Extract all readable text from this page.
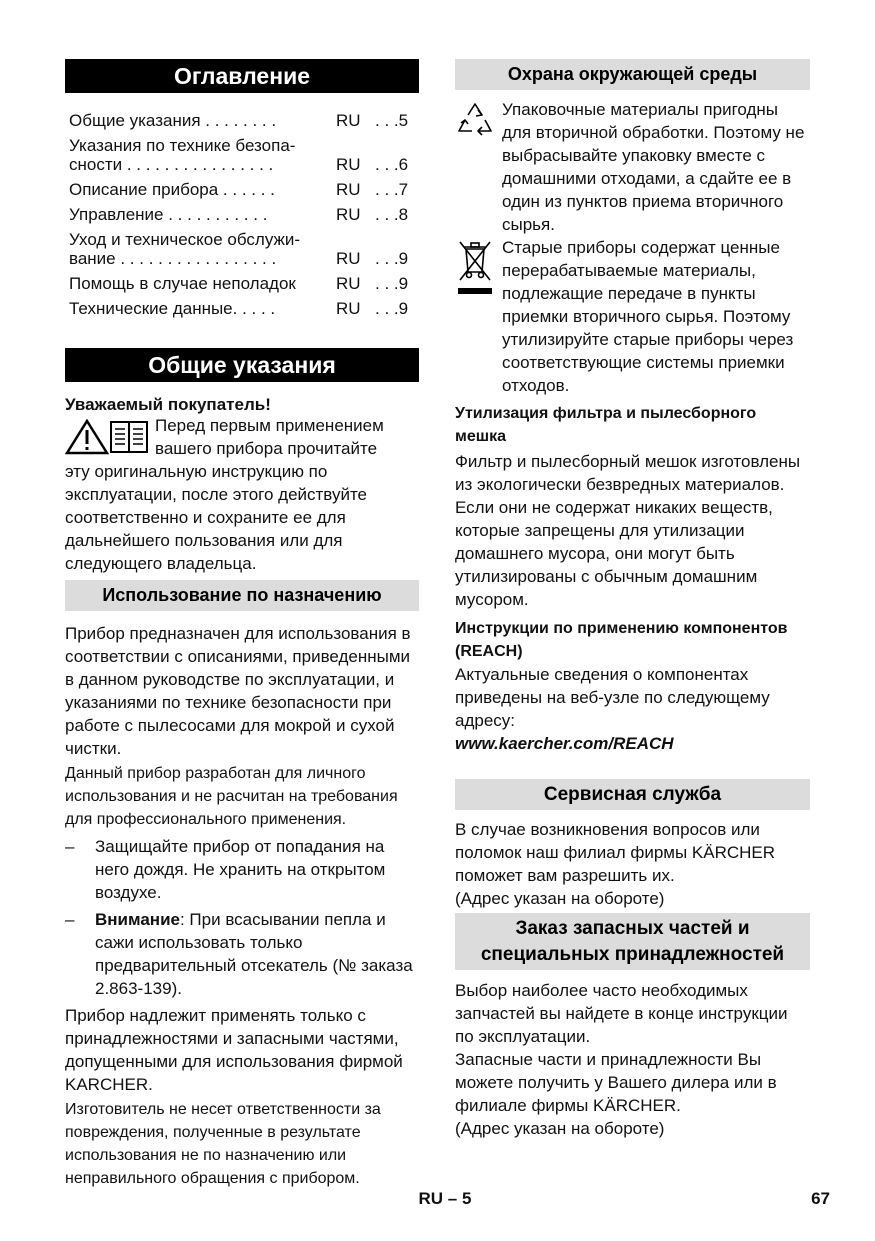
Оглавление
Общие указания . . . . . . . .	RU . . .5
Указания по технике безопа-
сности . . . . . . . . . . . . . . . .	RU . . .6
Описание прибора . . . . . .	RU . . .7
Управление . . . . . . . . . . .	RU . . .8
Уход и техническое обслужи-
вание . . . . . . . . . . . . . . . . .	RU . . .9
Помощь в случае неполадок RU . . .9
Технические данные. . . . .	RU . . .9
Общие указания
Уважаемый покупатель!
Перед первым применением
вашего прибора прочитайте
эту оригинальную инструкцию по эксплуатации, после этого действуйте соответственно и сохраните ее для дальнейшего пользования или для следующего владельца.
Использование по назначению

Прибор предназначен для использования в соответствии с описаниями, приведенными в данном руководстве по эксплуатации, и указаниями по технике безопасности при работе с пылесосами для мокрой и сухой чистки.

Данный прибор разработан для личного использования и не расчитан на требования для профессионального применения.

– Защищайте прибор от попадания на него дождя. Не хранить на открытом воздухе.
– Внимание: При всасывании пепла и сажи использовать только предварительный отсекатель (№ заказа 2.863-139).

Прибор надлежит применять только с принадлежностями и запасными частями, допущенными для использования фирмой KARCHER.

Изготовитель не несет ответственности за повреждения, полученные в результате использования не по назначению или неправильного обращения с прибором.

Охрана окружающей среды
Упаковочные материалы пригодны для вторичной обработки. Поэтому не выбрасывайте упаковку вместе с домашними отходами, а сдайте ее в один из пунктов приема вторичного сырья.
Старые приборы содержат ценные перерабатываемые материалы, подлежащие передаче в пункты приемки вторичного сырья. Поэтому утилизируйте старые приборы через соответствующие системы приемки отходов.

Утилизация фильтра и пылесборного мешка

Фильтр и пылесборный мешок изготовлены из экологически безвредных материалов.

Если они не содержат никаких веществ, которые запрещены для утилизации домашнего мусора, они могут быть утилизированы с обычным домашним мусором.

Инструкции по применению компонентов (REACH)

Актуальные сведения о компонентах приведены на веб-узле по следующему адресу:

www.kaercher.com/REACH

Сервисная служба

В случае возникновения вопросов или поломок наш филиал фирмы KÄRCHER поможет вам разрешить их.

(Адрес указан на обороте)

Заказ запасных частей и
специальных принадлежностей

Выбор наиболее часто необходимых запчастей вы найдете в конце инструкции по эксплуатации.

Запасные части и принадлежности Вы можете получить у Вашего дилера или в филиале фирмы KÄRCHER.

(Адрес указан на обороте)

RU – 5	67
